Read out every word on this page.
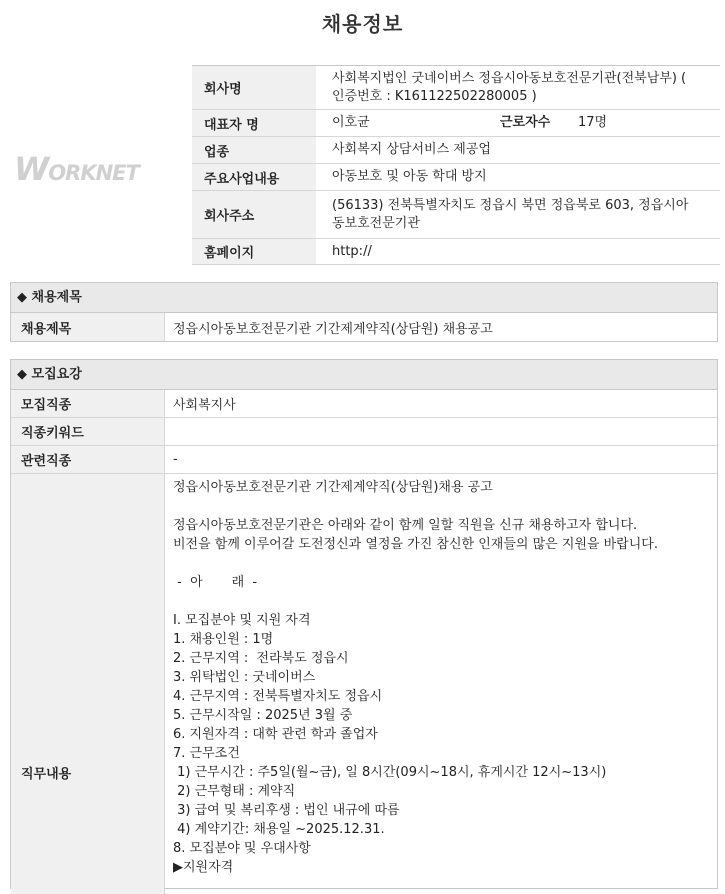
채용정보
WORKNET
회사명	사회복지법인 굿네이버스 정읍시아동보호전문기관(전북남부) (
인증번호 : K161122502280005 )

대표자 명	이호균 근로자수 17명

업종	사회복지 상담서비스 제공업
주요사업내용	아동보호 및 아동 학대 방지
회사주소	(56133) 전북특별자치도 정읍시 북면 정읍북로 603, 정읍시아
동보호전문기관

홈페이지	http://
◆ 채용제목
채용제목	정읍시아동보호전문기관 기간제계약직(상담원) 채용공고
◆ 모집요강
모집직종	사회복지사
직종키워드
관련직종	-
직무내용
정읍시아동보호전문기관 기간제계약직(상담원)채용 공고
정읍시아동보호전문기관은 아래와 같이 함께 일할 직원을 신규 채용하고자 합니다.
비전을 함께 이루어갈 도전정신과 열정을 가진 참신한 인재들의 많은 지원을 바랍니다.
-  아       래  -
Ⅰ. 모집분야 및 지원 자격
1. 채용인원 : 1명
2. 근무지역 :  전라북도 정읍시
3. 위탁법인 : 굿네이버스
4. 근무지역 : 전북특별자치도 정읍시
5. 근무시작일 : 2025년 3월 중
6. 지원자격 : 대학 관련 학과 졸업자
7. 근무조건
1) 근무시간 : 주5일(월~금), 일 8시간(09시~18시, 휴게시간 12시~13시)
2) 근무형태 : 계약직
3) 급여 및 복리후생 : 법인 내규에 따름
4) 계약기간: 채용일 ~2025.12.31.
8. 모집분야 및 우대사항
▶지원자격
